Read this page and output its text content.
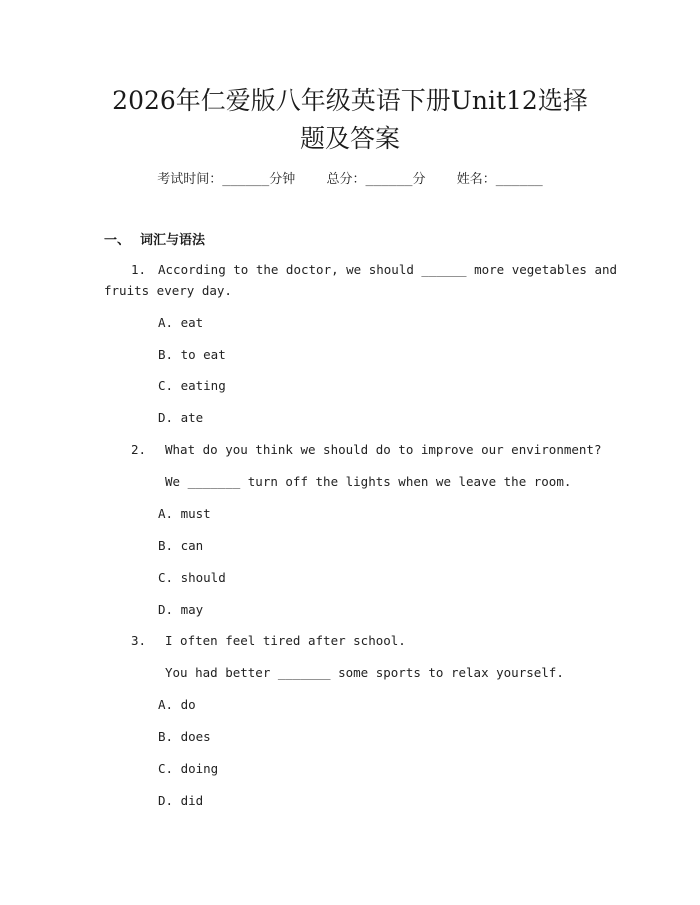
2026年仁爱版八年级英语下册Unit12选择
题及答案
考试时间：______分钟    总分：______分    姓名：______
一、 词汇与语法
1. According to the doctor, we should ______ more vegetables and
fruits every day.
A. eat
B. to eat
C. eating
D. ate
2. What do you think we should do to improve our environment?
We _______ turn off the lights when we leave the room.
A. must
B. can
C. should
D. may
3. I often feel tired after school.
You had better _______ some sports to relax yourself.
A. do
B. does
C. doing
D. did
